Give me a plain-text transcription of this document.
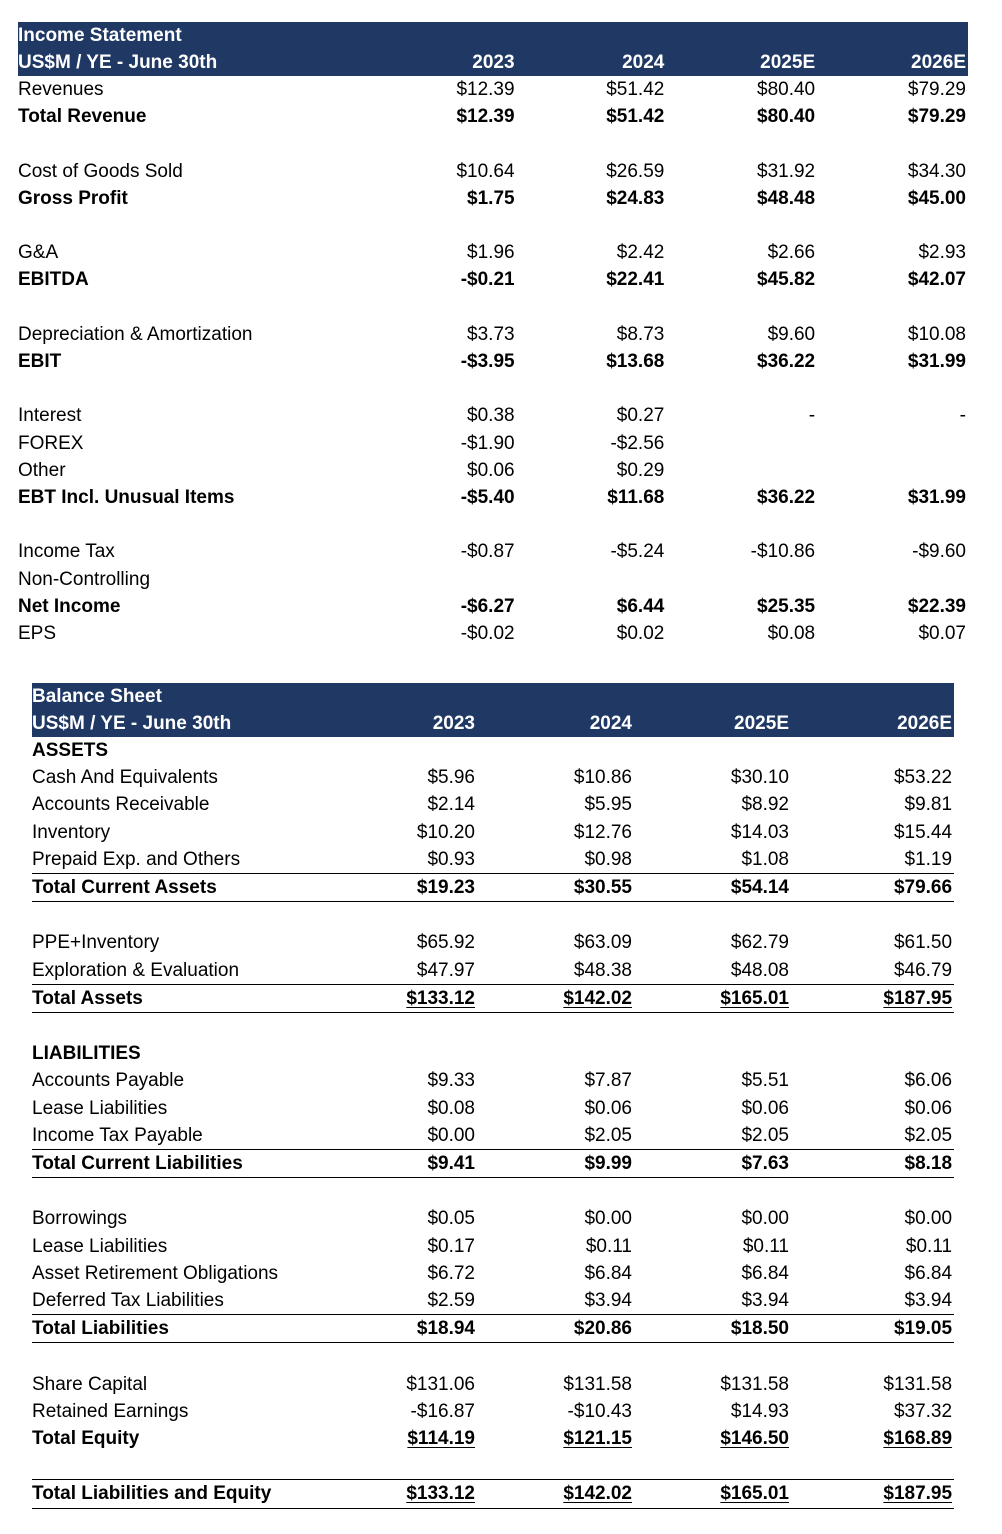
Income Statement				
US$M / YE - June 30th	2023	2024	2025E	2026E
Revenues	$12.39	$51.42	$80.40	$79.29
Total Revenue	$12.39	$51.42	$80.40	$79.29

Cost of Goods Sold	$10.64	$26.59	$31.92	$34.30
Gross Profit	$1.75	$24.83	$48.48	$45.00

G&A	$1.96	$2.42	$2.66	$2.93
EBITDA	-$0.21	$22.41	$45.82	$42.07

Depreciation & Amortization	$3.73	$8.73	$9.60	$10.08
EBIT	-$3.95	$13.68	$36.22	$31.99

Interest	$0.38	$0.27	-	-
FOREX	-$1.90	-$2.56		
Other	$0.06	$0.29		
EBT Incl. Unusual Items	-$5.40	$11.68	$36.22	$31.99

Income Tax	-$0.87	-$5.24	-$10.86	-$9.60
Non-Controlling				
Net Income	-$6.27	$6.44	$25.35	$22.39
EPS	-$0.02	$0.02	$0.08	$0.07
Balance Sheet				
US$M / YE - June 30th	2023	2024	2025E	2026E
ASSETS				
Cash And Equivalents	$5.96	$10.86	$30.10	$53.22
Accounts Receivable	$2.14	$5.95	$8.92	$9.81
Inventory	$10.20	$12.76	$14.03	$15.44
Prepaid Exp. and Others	$0.93	$0.98	$1.08	$1.19
Total Current Assets	$19.23	$30.55	$54.14	$79.66

PPE+Inventory	$65.92	$63.09	$62.79	$61.50
Exploration & Evaluation	$47.97	$48.38	$48.08	$46.79
Total Assets	$133.12	$142.02	$165.01	$187.95

LIABILITIES				
Accounts Payable	$9.33	$7.87	$5.51	$6.06
Lease Liabilities	$0.08	$0.06	$0.06	$0.06
Income Tax Payable	$0.00	$2.05	$2.05	$2.05
Total Current Liabilities	$9.41	$9.99	$7.63	$8.18

Borrowings	$0.05	$0.00	$0.00	$0.00
Lease Liabilities	$0.17	$0.11	$0.11	$0.11
Asset Retirement Obligations	$6.72	$6.84	$6.84	$6.84
Deferred Tax Liabilities	$2.59	$3.94	$3.94	$3.94
Total Liabilities	$18.94	$20.86	$18.50	$19.05

Share Capital	$131.06	$131.58	$131.58	$131.58
Retained Earnings	-$16.87	-$10.43	$14.93	$37.32
Total Equity	$114.19	$121.15	$146.50	$168.89

Total Liabilities and Equity	$133.12	$142.02	$165.01	$187.95
